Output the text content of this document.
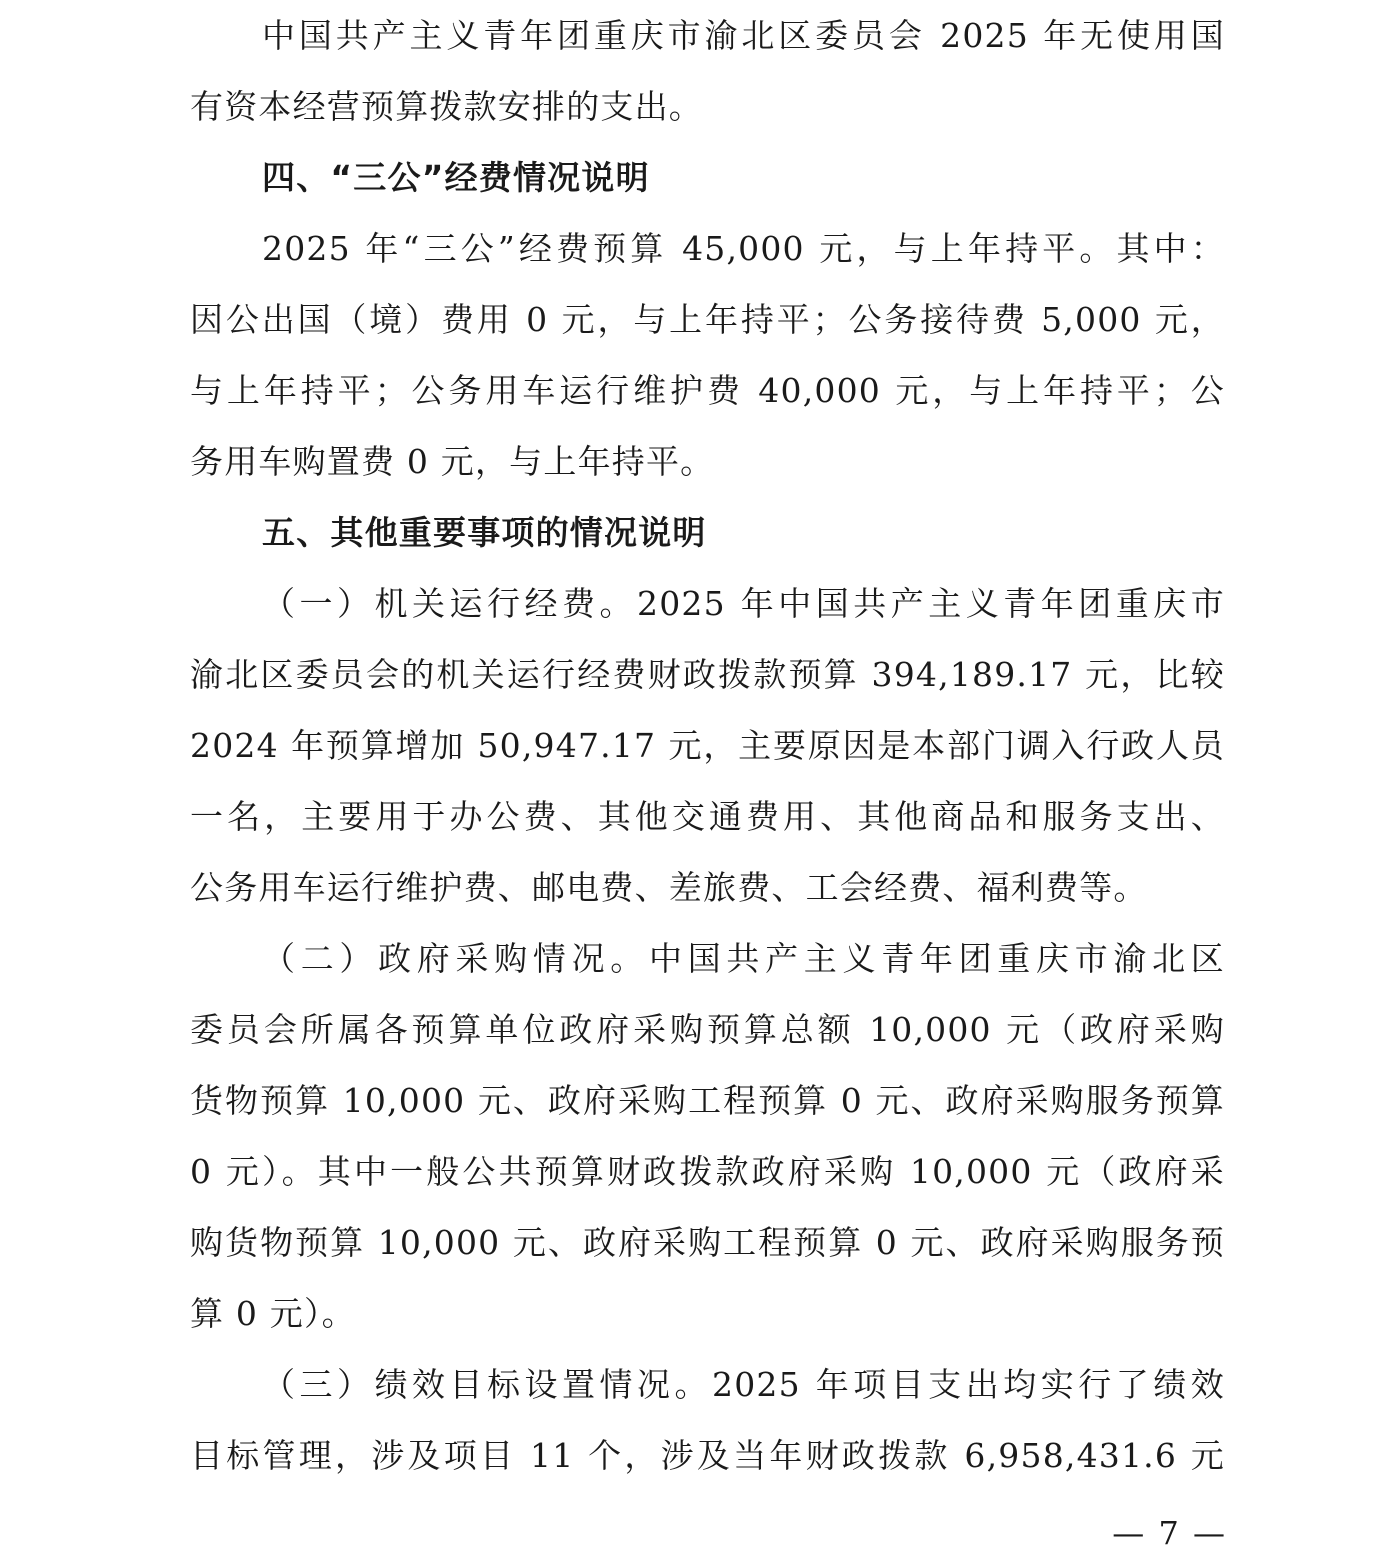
中国共产主义青年团重庆市渝北区委员会 2025 年无使用国
有资本经营预算拨款安排的支出。
四、“三公”经费情况说明
2025 年“三公”经费预算 45,000 元，与上年持平。其中：
因公出国（境）费用 0 元，与上年持平；公务接待费 5,000 元，
与上年持平；公务用车运行维护费 40,000 元，与上年持平；公
务用车购置费 0 元，与上年持平。
五、其他重要事项的情况说明
（一）机关运行经费。2025 年中国共产主义青年团重庆市
渝北区委员会的机关运行经费财政拨款预算 394,189.17 元，比较
2024 年预算增加 50,947.17 元，主要原因是本部门调入行政人员
一名，主要用于办公费、其他交通费用、其他商品和服务支出、
公务用车运行维护费、邮电费、差旅费、工会经费、福利费等。
（二）政府采购情况。中国共产主义青年团重庆市渝北区
委员会所属各预算单位政府采购预算总额 10,000 元（政府采购
货物预算 10,000 元、政府采购工程预算 0 元、政府采购服务预算
0 元）。其中一般公共预算财政拨款政府采购 10,000 元（政府采
购货物预算 10,000 元、政府采购工程预算 0 元、政府采购服务预
算 0 元）。
（三）绩效目标设置情况。2025 年项目支出均实行了绩效
目标管理，涉及项目 11 个，涉及当年财政拨款 6,958,431.6 元
— 7 —
